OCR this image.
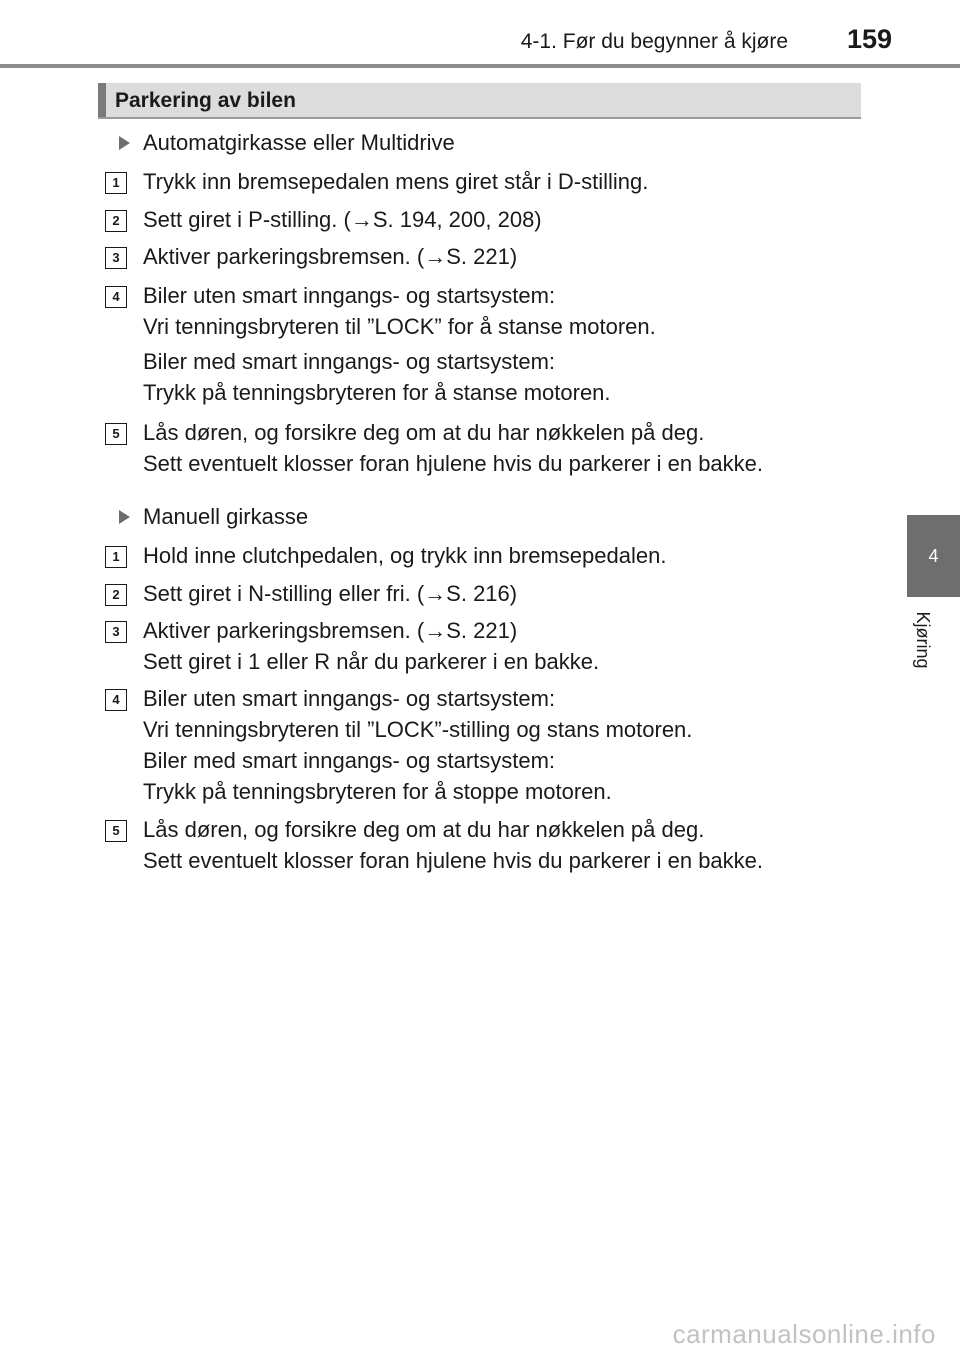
4-1. Før du begynner å kjøre 159
4
Kjøring
Parkering av bilen
Automatgirkasse eller Multidrive
1	Trykk inn bremsepedalen mens giret står i D-stilling.
2	Sett giret i P-stilling. (→S. 194, 200, 208)
3	Aktiver parkeringsbremsen. (→S. 221)
4	Biler uten smart inngangs- og startsystem:
Vri tenningsbryteren til ”LOCK” for å stanse motoren.
Biler med smart inngangs- og startsystem:
Trykk på tenningsbryteren for å stanse motoren.
5	Lås døren, og forsikre deg om at du har nøkkelen på deg.
Sett eventuelt klosser foran hjulene hvis du parkerer i en bakke.
Manuell girkasse
1	Hold inne clutchpedalen, og trykk inn bremsepedalen.
2	Sett giret i N-stilling eller fri. (→S. 216)
3	Aktiver parkeringsbremsen. (→S. 221)
Sett giret i 1 eller R når du parkerer i en bakke.
4	Biler uten smart inngangs- og startsystem:
Vri tenningsbryteren til ”LOCK”-stilling og stans motoren.
Biler med smart inngangs- og startsystem:
Trykk på tenningsbryteren for å stoppe motoren.
5	Lås døren, og forsikre deg om at du har nøkkelen på deg.
Sett eventuelt klosser foran hjulene hvis du parkerer i en bakke.
carmanualsonline.info
